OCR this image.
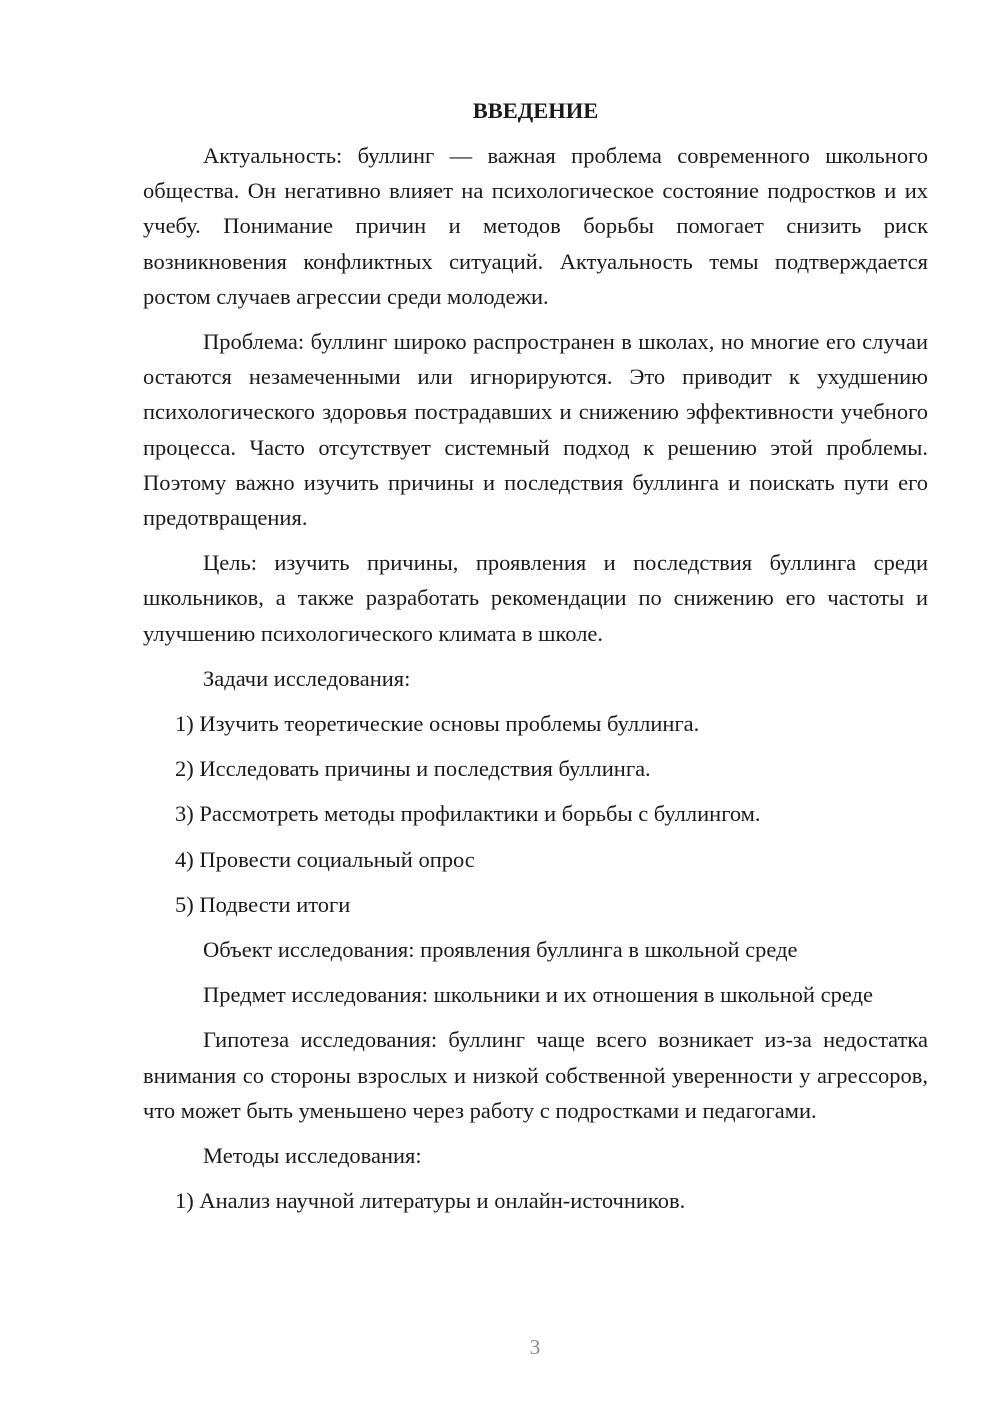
ВВЕДЕНИЕ

Актуальность: буллинг — важная проблема современного школьного общества. Он негативно влияет на психологическое состояние подростков и их учебу. Понимание причин и методов борьбы помогает снизить риск возникновения конфликтных ситуаций. Актуальность темы подтверждается ростом случаев агрессии среди молодежи.

Проблема: буллинг широко распространен в школах, но многие его случаи остаются незамеченными или игнорируются. Это приводит к ухудшению психологического здоровья пострадавших и снижению эффективности учебного процесса. Часто отсутствует системный подход к решению этой проблемы. Поэтому важно изучить причины и последствия буллинга и поискать пути его предотвращения.

Цель: изучить причины, проявления и последствия буллинга среди школьников, а также разработать рекомендации по снижению его частоты и улучшению психологического климата в школе.

Задачи исследования:

1) Изучить теоретические основы проблемы буллинга.

2) Исследовать причины и последствия буллинга.

3) Рассмотреть методы профилактики и борьбы с буллингом.

4) Провести социальный опрос

5) Подвести итоги

Объект исследования: проявления буллинга в школьной среде

Предмет исследования: школьники и их отношения в школьной среде

Гипотеза исследования: буллинг чаще всего возникает из-за недостатка внимания со стороны взрослых и низкой собственной уверенности у агрессоров, что может быть уменьшено через работу с подростками и педагогами.

Методы исследования:

1) Анализ научной литературы и онлайн-источников.

3
